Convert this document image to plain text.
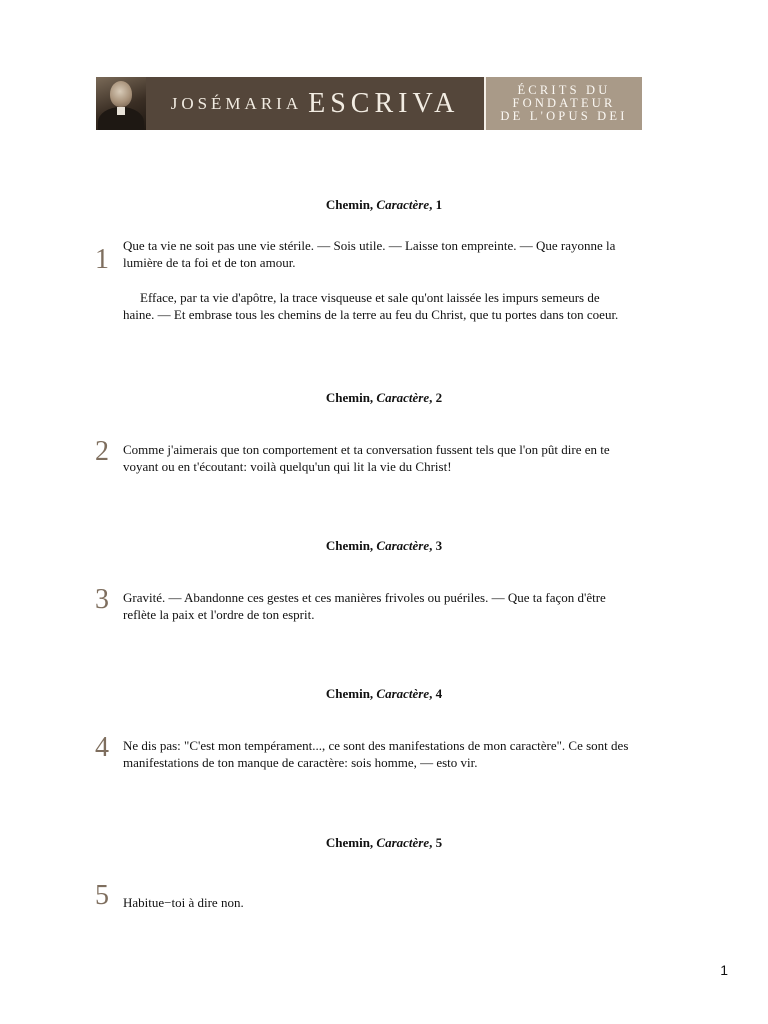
JOSÉMARIA ESCRIVA	ÉCRITS DU
FONDATEUR
DE L'OPUS DEI
Chemin, Caractère, 1
1 Que ta vie ne soit pas une vie stérile. — Sois utile. — Laisse ton empreinte. — Que rayonne la lumière de ta foi et de ton amour.

Efface, par ta vie d'apôtre, la trace visqueuse et sale qu'ont laissée les impurs semeurs de haine. — Et embrase tous les chemins de la terre au feu du Christ, que tu portes dans ton coeur.

Chemin, Caractère, 2
2 Comme j'aimerais que ton comportement et ta conversation fussent tels que l'on pût dire en te voyant ou en t'écoutant: voilà quelqu'un qui lit la vie du Christ!

Chemin, Caractère, 3
3 Gravité. — Abandonne ces gestes et ces manières frivoles ou puériles. — Que ta façon d'être reflète la paix et l'ordre de ton esprit.

Chemin, Caractère, 4
4 Ne dis pas: "C'est mon tempérament..., ce sont des manifestations de mon caractère". Ce sont des manifestations de ton manque de caractère: sois homme, — esto vir.

Chemin, Caractère, 5
5 Habitue−toi à dire non.

1
